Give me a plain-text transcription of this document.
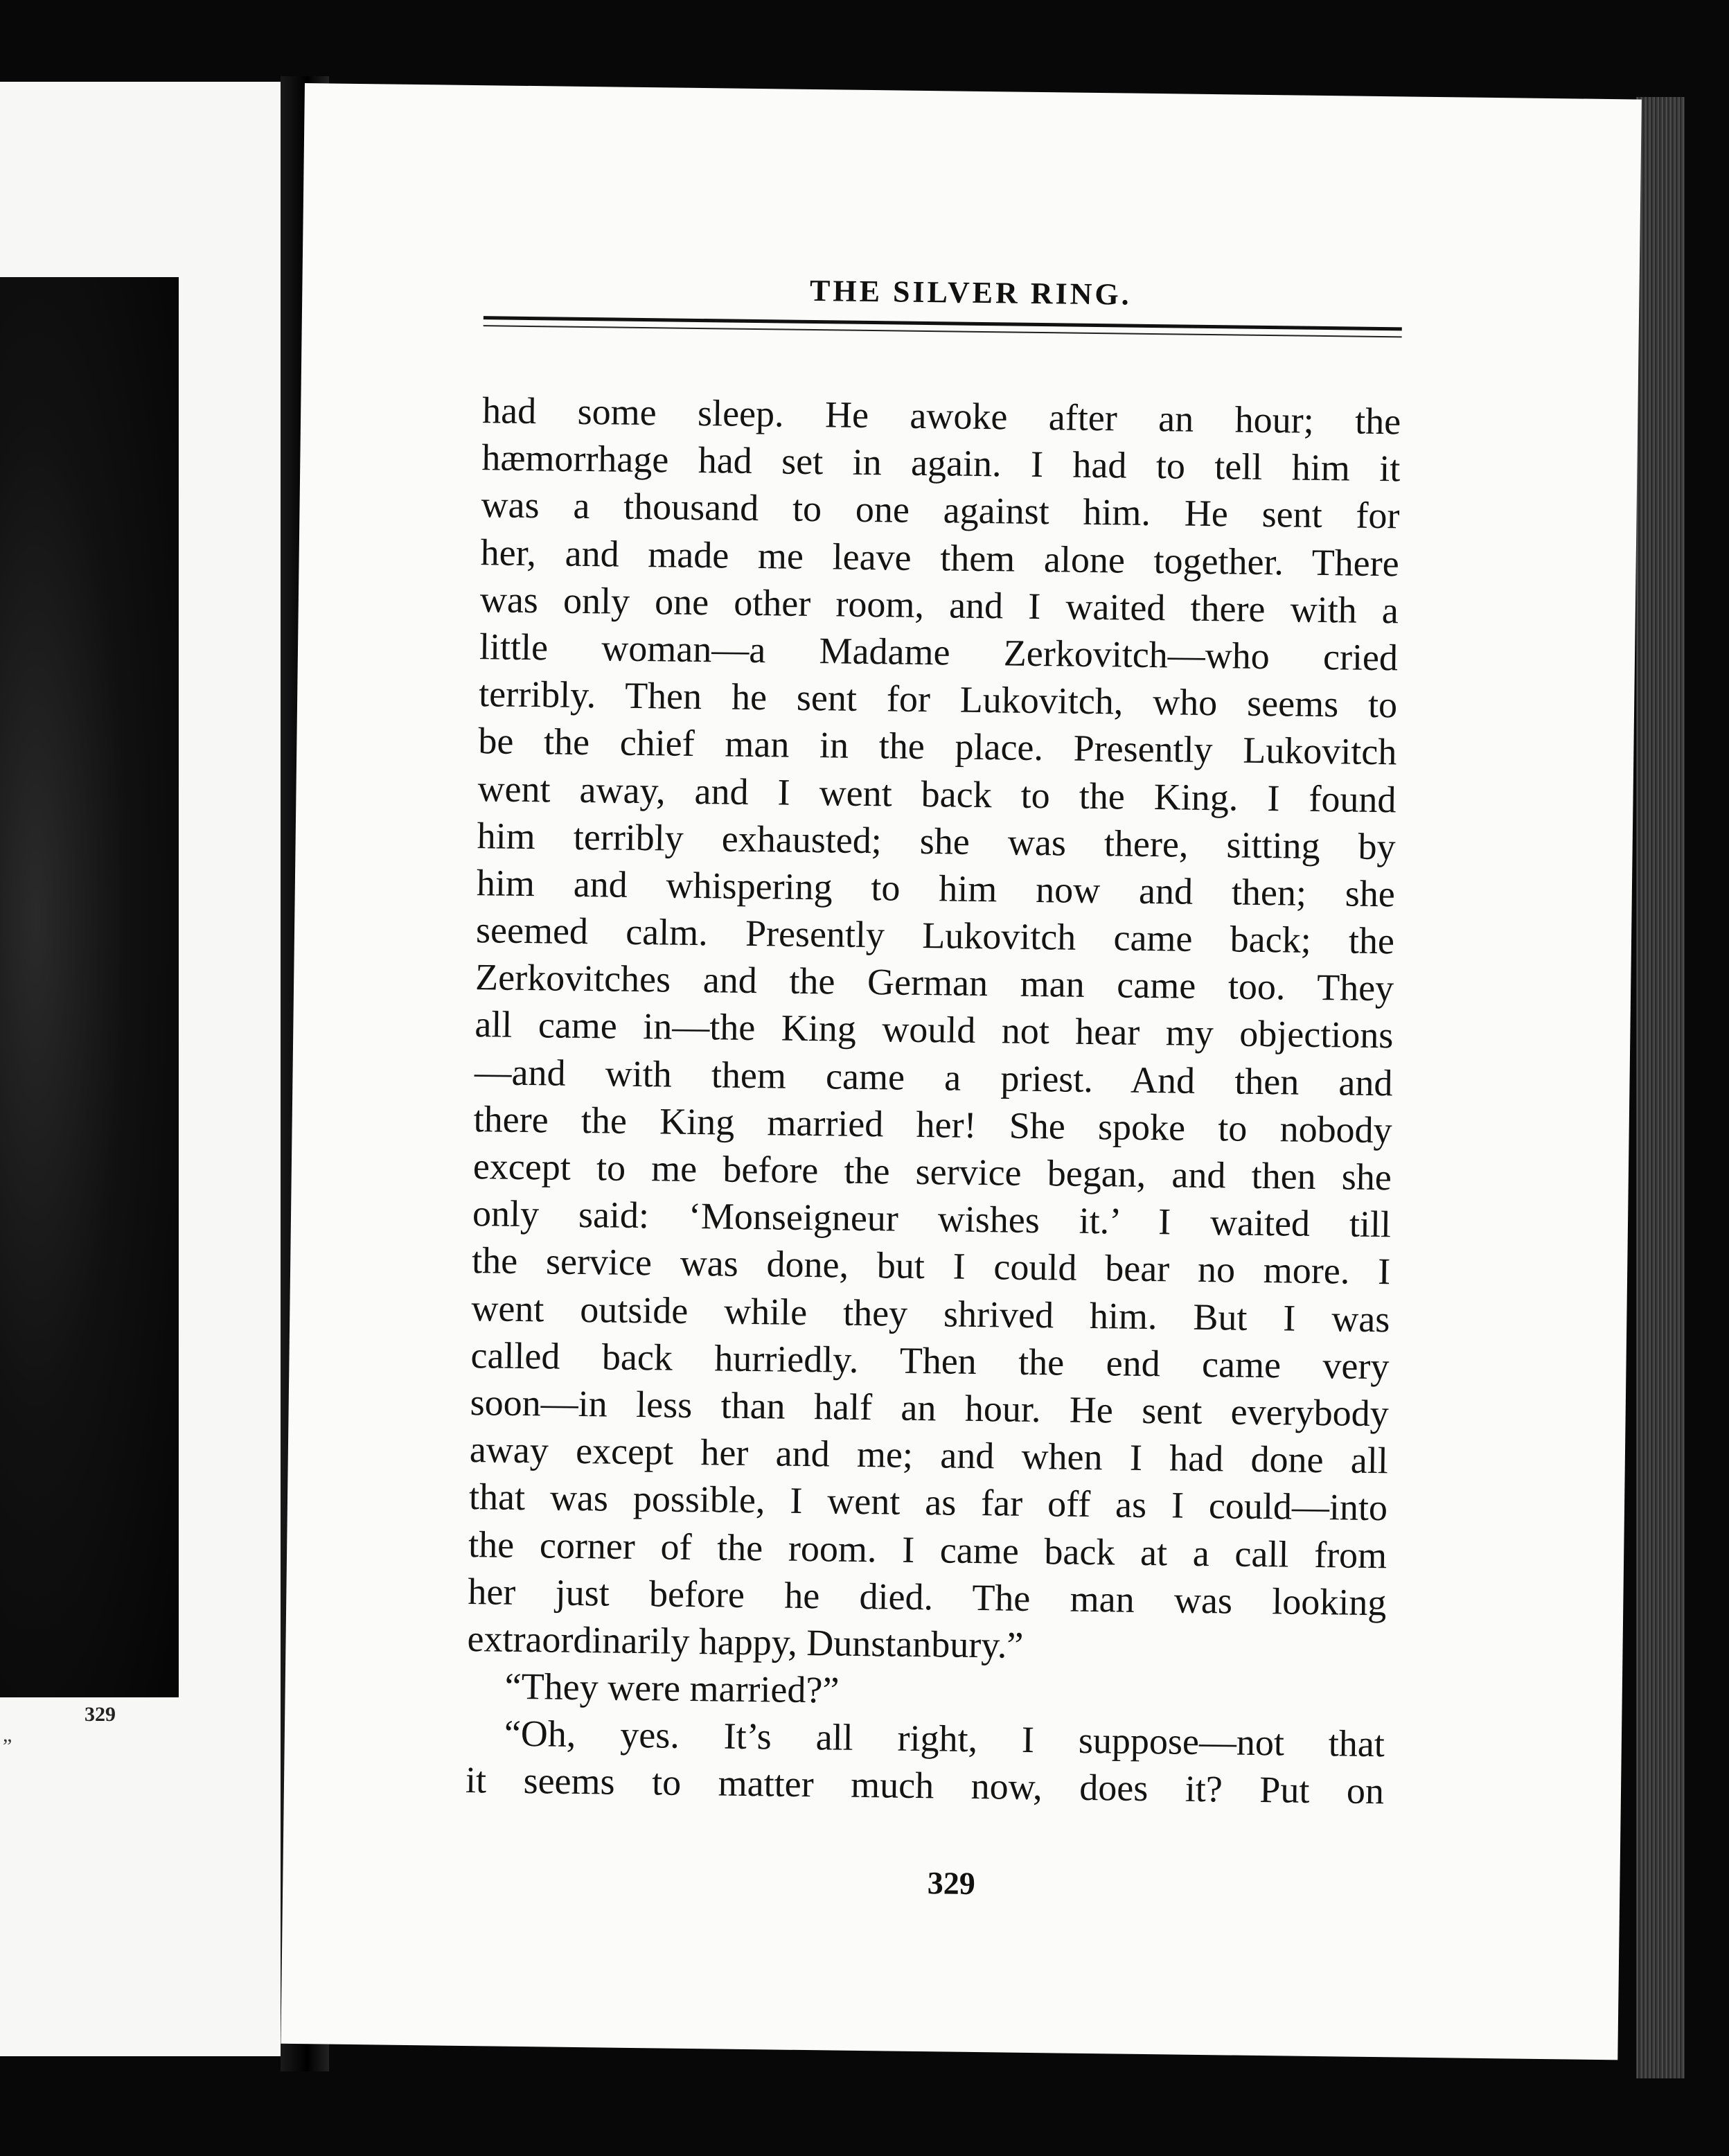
329
”
THE SILVER RING.
had some sleep. He awoke after an hour; the
hæmorrhage had set in again. I had to tell him it
was a thousand to one against him. He sent for
her, and made me leave them alone together. There
was only one other room, and I waited there with a
little woman—a Madame Zerkovitch—who cried
terribly. Then he sent for Lukovitch, who seems to
be the chief man in the place. Presently Lukovitch
went away, and I went back to the King. I found
him terribly exhausted; she was there, sitting by
him and whispering to him now and then; she
seemed calm. Presently Lukovitch came back; the
Zerkovitches and the German man came too. They
all came in—the King would not hear my objections
—and with them came a priest. And then and
there the King married her! She spoke to nobody
except to me before the service began, and then she
only said: ‘Monseigneur wishes it.’ I waited till
the service was done, but I could bear no more. I
went outside while they shrived him. But I was
called back hurriedly. Then the end came very
soon—in less than half an hour. He sent everybody
away except her and me; and when I had done all
that was possible, I went as far off as I could—into
the corner of the room. I came back at a call from
her just before he died. The man was looking
extraordinarily happy, Dunstanbury.”
“They were married?”
“Oh, yes. It’s all right, I suppose—not that
it seems to matter much now, does it? Put on
329
